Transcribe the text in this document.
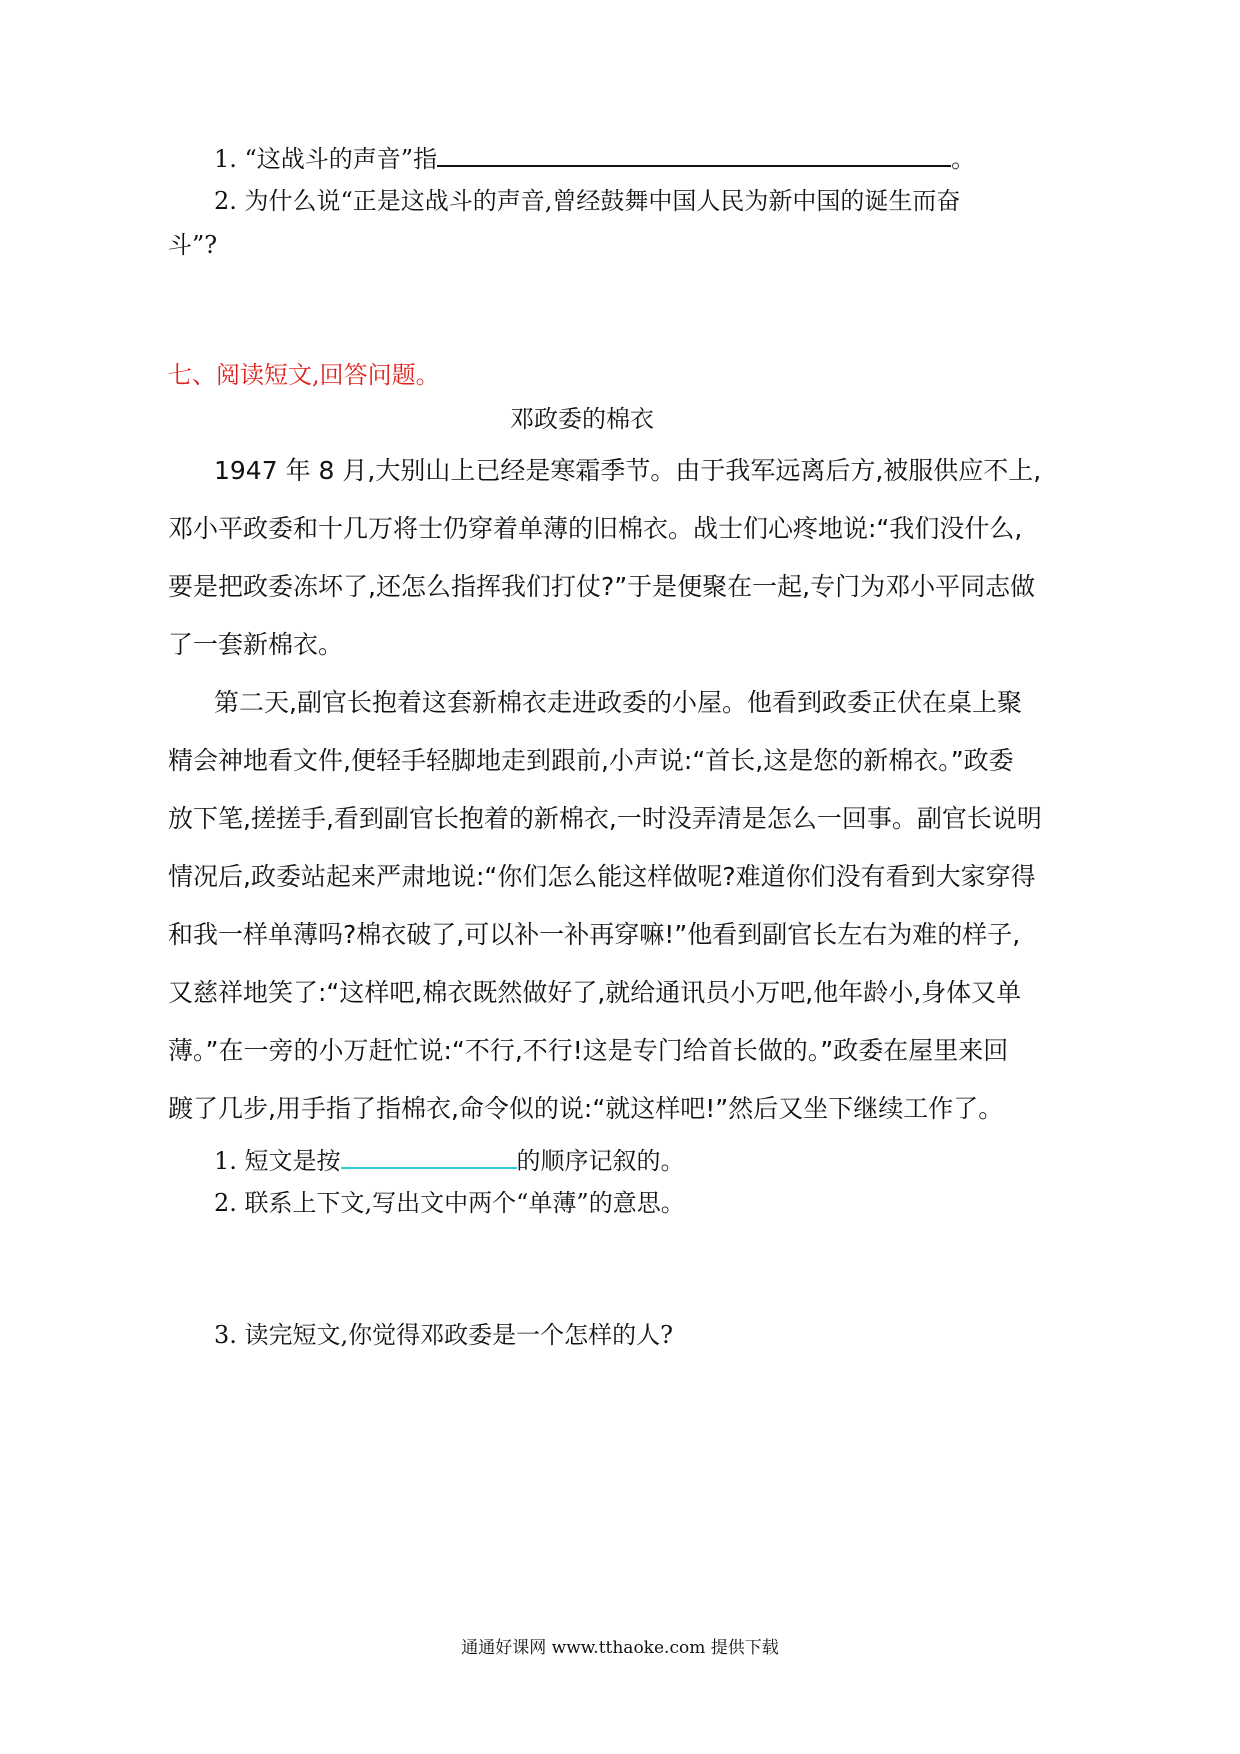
1. “这战斗的声音”指	。
2. 为什么说“正是这战斗的声音,曾经鼓舞中国人民为新中国的诞生而奋
斗”?
七、阅读短文,回答问题。
邓政委的棉衣
1947 年 8 月,大别山上已经是寒霜季节。由于我军远离后方,被服供应不上,
邓小平政委和十几万将士仍穿着单薄的旧棉衣。战士们心疼地说:“我们没什么,
要是把政委冻坏了,还怎么指挥我们打仗?”于是便聚在一起,专门为邓小平同志做
了一套新棉衣。
第二天,副官长抱着这套新棉衣走进政委的小屋。他看到政委正伏在桌上聚
精会神地看文件,便轻手轻脚地走到跟前,小声说:“首长,这是您的新棉衣。”政委
放下笔,搓搓手,看到副官长抱着的新棉衣,一时没弄清是怎么一回事。副官长说明
情况后,政委站起来严肃地说:“你们怎么能这样做呢?难道你们没有看到大家穿得
和我一样单薄吗?棉衣破了,可以补一补再穿嘛!”他看到副官长左右为难的样子,
又慈祥地笑了:“这样吧,棉衣既然做好了,就给通讯员小万吧,他年龄小,身体又单
薄。”在一旁的小万赶忙说:“不行,不行!这是专门给首长做的。”政委在屋里来回
踱了几步,用手指了指棉衣,命令似的说:“就这样吧!”然后又坐下继续工作了。
1. 短文是按	的顺序记叙的。
2. 联系上下文,写出文中两个“单薄”的意思。
3. 读完短文,你觉得邓政委是一个怎样的人?
通通好课网 www.tthaoke.com 提供下载
